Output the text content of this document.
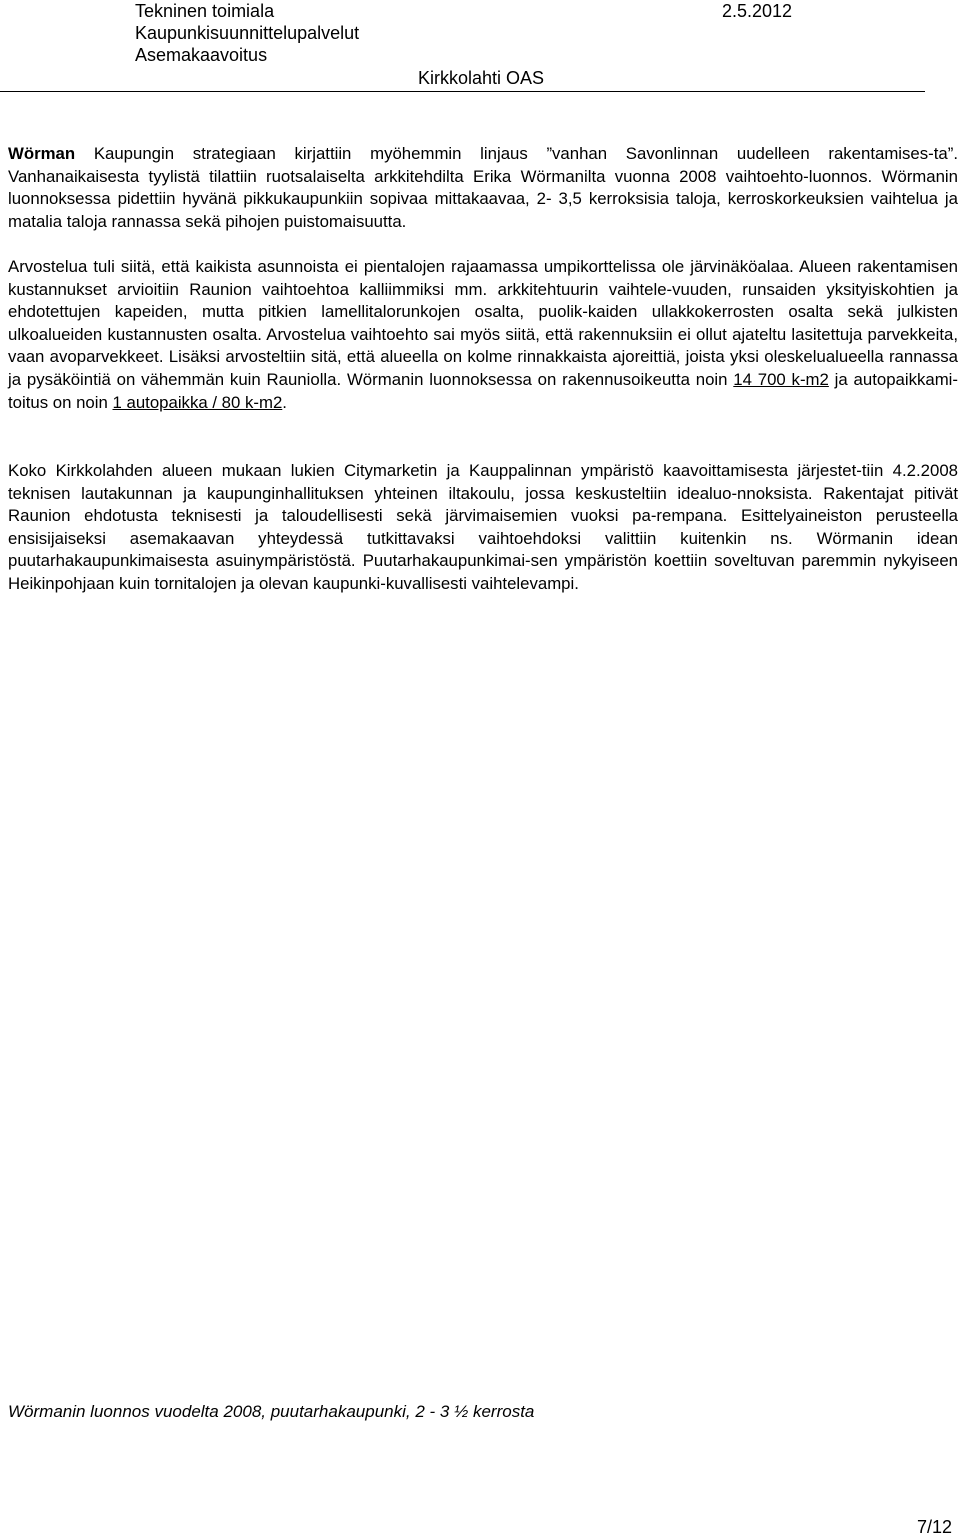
Tekninen toimiala	2.5.2012
Kaupunkisuunnittelupalvelut
Asemakaavoitus
Kirkkolahti OAS

Wörman Kaupungin strategiaan kirjattiin myöhemmin linjaus ”vanhan Savonlinnan uudelleen rakentamises-ta”. Vanhanaikaisesta tyylistä tilattiin ruotsalaiselta arkkitehdilta Erika Wörmanilta vuonna 2008 vaihtoehto-luonnos. Wörmanin luonnoksessa pidettiin hyvänä pikkukaupunkiin sopivaa mittakaavaa, 2- 3,5 kerroksisia taloja, kerroskorkeuksien vaihtelua ja matalia taloja rannassa sekä pihojen puistomaisuutta.

Arvostelua tuli siitä, että kaikista asunnoista ei pientalojen rajaamassa umpikorttelissa ole järvinäköalaa. Alueen rakentamisen kustannukset arvioitiin Raunion vaihtoehtoa kalliimmiksi mm. arkkitehtuurin vaihtele-vuuden, runsaiden yksityiskohtien ja ehdotettujen kapeiden, mutta pitkien lamellitalorunkojen osalta, puolik-kaiden ullakkokerrosten osalta sekä julkisten ulkoalueiden kustannusten osalta. Arvostelua vaihtoehto sai myös siitä, että rakennuksiin ei ollut ajateltu lasitettuja parvekkeita, vaan avoparvekkeet. Lisäksi arvosteltiin sitä, että alueella on kolme rinnakkaista ajoreittiä, joista yksi oleskelualueella rannassa ja pysäköintiä on vähemmän kuin Rauniolla. Wörmanin luonnoksessa on rakennusoikeutta noin 14 700 k-m2 ja autopaikkami-toitus on noin 1 autopaikka / 80 k-m2.

Koko Kirkkolahden alueen mukaan lukien Citymarketin ja Kauppalinnan ympäristö kaavoittamisesta järjestet-tiin 4.2.2008 teknisen lautakunnan ja kaupunginhallituksen yhteinen iltakoulu, jossa keskusteltiin idealuo-nnoksista. Rakentajat pitivät Raunion ehdotusta teknisesti ja taloudellisesti sekä järvimaisemien vuoksi pa-rempana. Esittelyaineiston perusteella ensisijaiseksi asemakaavan yhteydessä tutkittavaksi vaihtoehdoksi valittiin kuitenkin ns. Wörmanin idean puutarhakaupunkimaisesta asuinympäristöstä. Puutarhakaupunkimai-sen ympäristön koettiin soveltuvan paremmin nykyiseen Heikinpohjaan kuin tornitalojen ja olevan kaupunki-kuvallisesti vaihtelevampi.

Wörmanin luonnos vuodelta 2008, puutarhakaupunki, 2 - 3 ½ kerrosta
7/12
